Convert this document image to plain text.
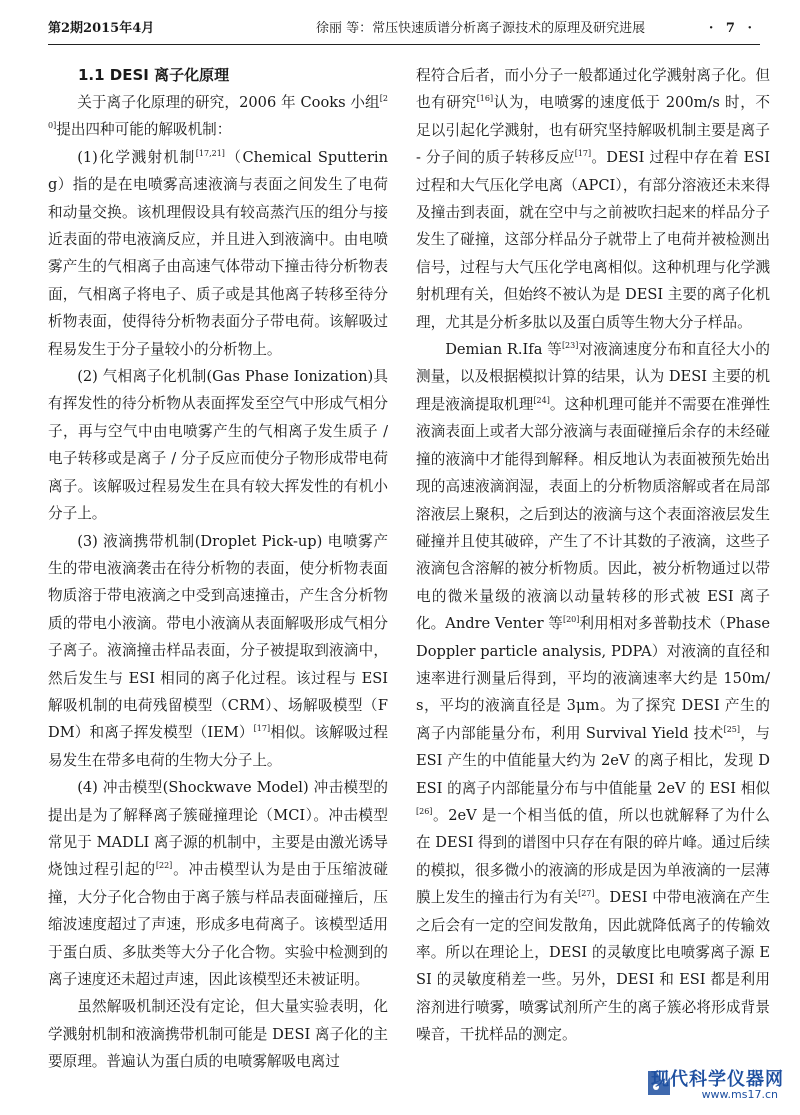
第2期2015年4月	徐丽 等：常压快速质谱分析离子源技术的原理及研究进展	· 7 ·

1.1 DESI 离子化原理

关于离子化原理的研究，2006 年 Cooks 小组[20]提出四种可能的解吸机制：

(1)化学溅射机制[17,21]（Chemical Sputtering）指的是在电喷雾高速液滴与表面之间发生了电荷和动量交换。该机理假设具有较高蒸汽压的组分与接近表面的带电液滴反应，并且进入到液滴中。由电喷雾产生的气相离子由高速气体带动下撞击待分析物表面，气相离子将电子、质子或是其他离子转移至待分析物表面，使得待分析物表面分子带电荷。该解吸过程易发生于分子量较小的分析物上。

(2) 气相离子化机制(Gas Phase Ionization)具有挥发性的待分析物从表面挥发至空气中形成气相分子，再与空气中由电喷雾产生的气相离子发生质子 / 电子转移或是离子 / 分子反应而使分子物形成带电荷离子。该解吸过程易发生在具有较大挥发性的有机小分子上。

(3) 液滴携带机制(Droplet Pick-up) 电喷雾产生的带电液滴袭击在待分析物的表面，使分析物表面物质溶于带电液滴之中受到高速撞击，产生含分析物质的带电小液滴。带电小液滴从表面解吸形成气相分子离子。液滴撞击样品表面，分子被提取到液滴中，然后发生与 ESI 相同的离子化过程。该过程与 ESI 解吸机制的电荷残留模型（CRM）、场解吸模型（FDM）和离子挥发模型（IEM）[17]相似。该解吸过程易发生在带多电荷的生物大分子上。

(4) 冲击模型(Shockwave Model) 冲击模型的提出是为了解释离子簇碰撞理论（MCI）。冲击模型常见于 MADLI 离子源的机制中，主要是由激光诱导烧蚀过程引起的[22]。冲击模型认为是由于压缩波碰撞，大分子化合物由于离子簇与样品表面碰撞后，压缩波速度超过了声速，形成多电荷离子。该模型适用于蛋白质、多肽类等大分子化合物。实验中检测到的离子速度还未超过声速，因此该模型还未被证明。

虽然解吸机制还没有定论，但大量实验表明，化学溅射机制和液滴携带机制可能是 DESI 离子化的主要原理。普遍认为蛋白质的电喷雾解吸电离过

程符合后者，而小分子一般都通过化学溅射离子化。但也有研究[16]认为，电喷雾的速度低于 200m/s 时，不足以引起化学溅射，也有研究坚持解吸机制主要是离子 - 分子间的质子转移反应[17]。DESI 过程中存在着 ESI 过程和大气压化学电离（APCI），有部分溶液还未来得及撞击到表面，就在空中与之前被吹扫起来的样品分子发生了碰撞，这部分样品分子就带上了电荷并被检测出信号，过程与大气压化学电离相似。这种机理与化学溅射机理有关，但始终不被认为是 DESI 主要的离子化机理，尤其是分析多肽以及蛋白质等生物大分子样品。

Demian R.Ifa 等[23]对液滴速度分布和直径大小的测量，以及根据模拟计算的结果，认为 DESI 主要的机理是液滴提取机理[24]。这种机理可能并不需要在准弹性液滴表面上或者大部分液滴与表面碰撞后余存的未经碰撞的液滴中才能得到解释。相反地认为表面被预先始出现的高速液滴润湿，表面上的分析物质溶解或者在局部溶液层上聚积，之后到达的液滴与这个表面溶液层发生碰撞并且使其破碎，产生了不计其数的子液滴，这些子液滴包含溶解的被分析物质。因此，被分析物通过以带电的微米量级的液滴以动量转移的形式被 ESI 离子化。Andre Venter 等[20]利用相对多普勒技术（Phase Doppler particle analysis, PDPA）对液滴的直径和速率进行测量后得到，平均的液滴速率大约是 150m/s，平均的液滴直径是 3μm。为了探究 DESI 产生的离子内部能量分布，利用 Survival Yield 技术[25]，与 ESI 产生的中值能量大约为 2eV 的离子相比，发现 DESI 的离子内部能量分布与中值能量 2eV 的 ESI 相似[26]。2eV 是一个相当低的值，所以也就解释了为什么在 DESI 得到的谱图中只存在有限的碎片峰。通过后续的模拟，很多微小的液滴的形成是因为单液滴的一层薄膜上发生的撞击行为有关[27]。DESI 中带电液滴在产生之后会有一定的空间发散角，因此就降低离子的传输效率。所以在理论上，DESI 的灵敏度比电喷雾离子源 ESI 的灵敏度稍差一些。另外，DESI 和 ESI 都是利用溶剂进行喷雾，喷雾试剂所产生的离子簇必将形成背景噪音，干扰样品的测定。

现代科学仪器网
www.ms17.cn
